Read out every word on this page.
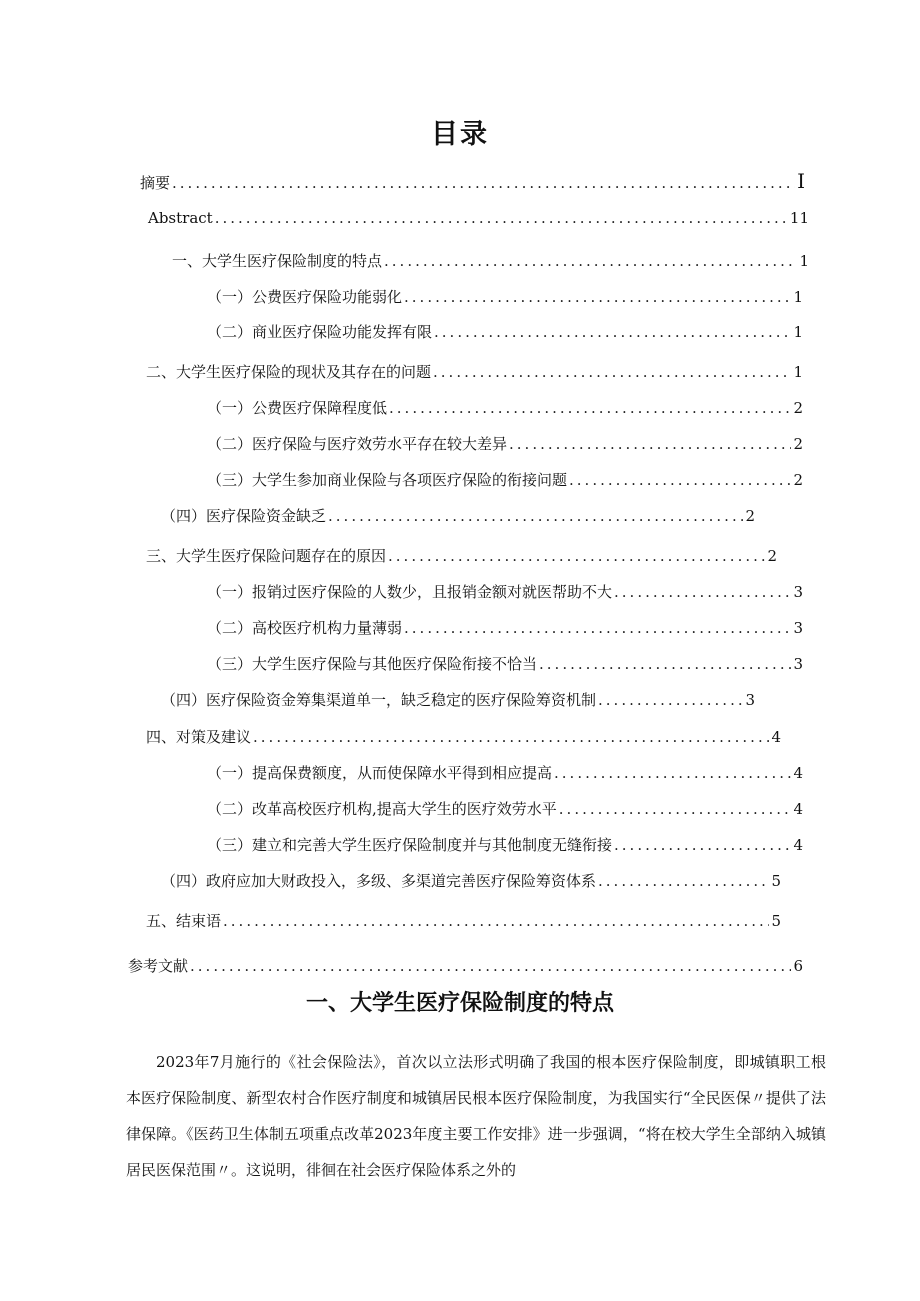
目录
摘要 .....	I
Abstract .....	11
一、大学生医疗保险制度的特点 .....	1
（一）公费医疗保险功能弱化 .....	1
（二）商业医疗保险功能发挥有限 .....	1
二、大学生医疗保险的现状及其存在的问题 .....	1
（一）公费医疗保障程度低 .....	2
（二）医疗保险与医疗效劳水平存在较大差异 .....	2
（三）大学生参加商业保险与各项医疗保险的衔接问题 .....	2
（四）医疗保险资金缺乏 .....	2
三、大学生医疗保险问题存在的原因 .....	2
（一）报销过医疗保险的人数少，且报销金额对就医帮助不大 .....	3
（二）高校医疗机构力量薄弱 .....	3
（三）大学生医疗保险与其他医疗保险衔接不恰当 .....	3
（四）医疗保险资金筹集渠道单一，缺乏稳定的医疗保险筹资机制 .....	3
四、对策及建议 .....	4
（一）提高保费额度，从而使保障水平得到相应提高 .....	4
（二）改革高校医疗机构,提高大学生的医疗效劳水平 .....	4
（三）建立和完善大学生医疗保险制度并与其他制度无缝衔接 .....	4
（四）政府应加大财政投入，多级、多渠道完善医疗保险筹资体系 .....	5
五、结束语 .....	5
参考文献 .....	6
一、大学生医疗保险制度的特点
2023年7月施行的《社会保险法》，首次以立法形式明确了我国的根本医疗保险制度，即城镇职工根本医疗保险制度、新型农村合作医疗制度和城镇居民根本医疗保险制度，为我国实行“全民医保〃提供了法律保障。《医药卫生体制五项重点改革2023年度主要工作安排》进一步强调，“将在校大学生全部纳入城镇居民医保范围〃。这说明，徘徊在社会医疗保险体系之外的
